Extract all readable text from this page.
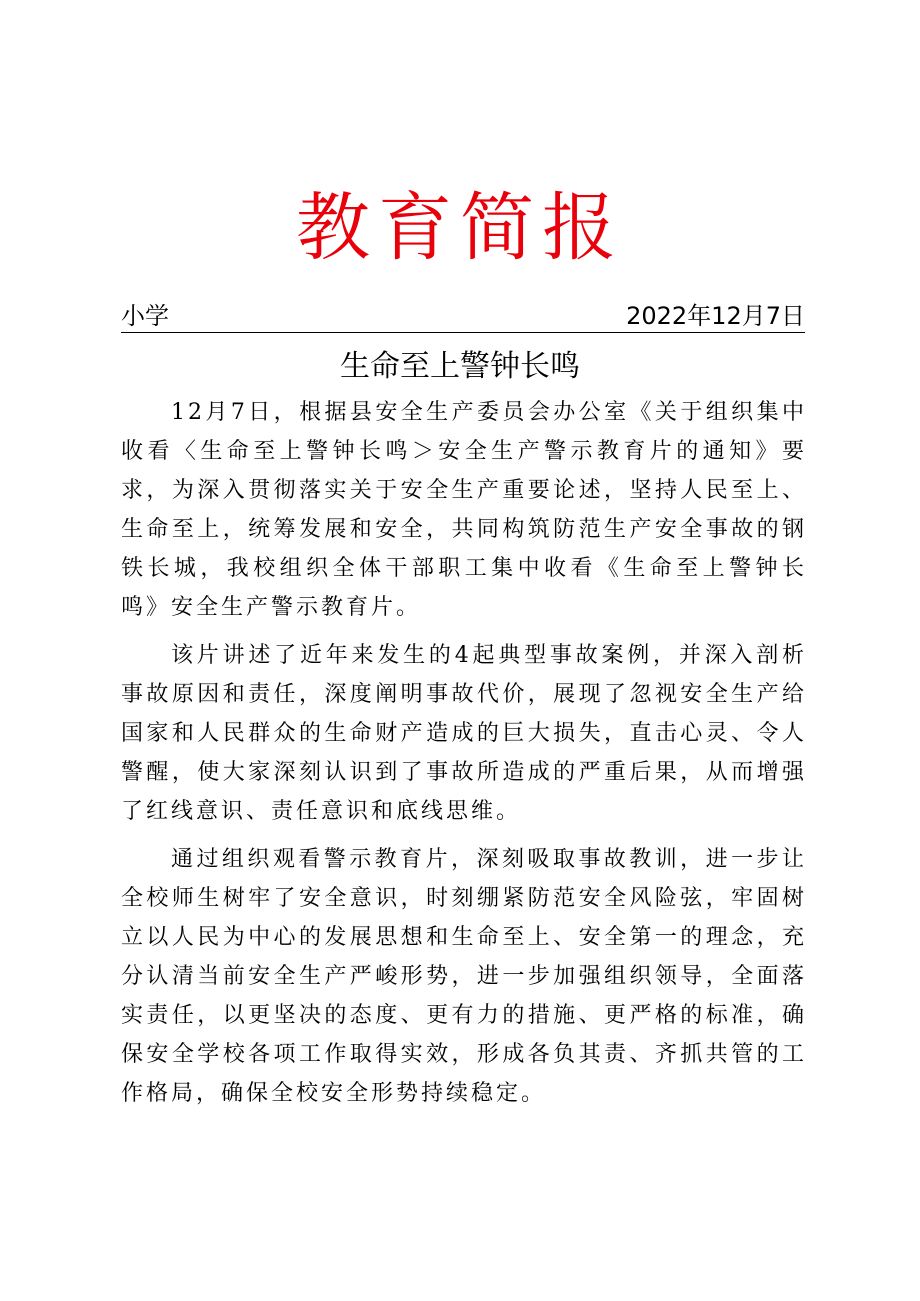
教育简报
小学	2022年12月7日
生命至上警钟长鸣

12月7日，根据县安全生产委员会办公室《关于组织集中收看〈生命至上警钟长鸣＞安全生产警示教育片的通知》要求，为深入贯彻落实关于安全生产重要论述，坚持人民至上、生命至上，统筹发展和安全，共同构筑防范生产安全事故的钢铁长城，我校组织全体干部职工集中收看《生命至上警钟长鸣》安全生产警示教育片。

该片讲述了近年来发生的4起典型事故案例，并深入剖析事故原因和责任，深度阐明事故代价，展现了忽视安全生产给国家和人民群众的生命财产造成的巨大损失，直击心灵、令人警醒，使大家深刻认识到了事故所造成的严重后果，从而增强了红线意识、责任意识和底线思维。

通过组织观看警示教育片，深刻吸取事故教训，进一步让全校师生树牢了安全意识，时刻绷紧防范安全风险弦，牢固树立以人民为中心的发展思想和生命至上、安全第一的理念，充分认清当前安全生产严峻形势，进一步加强组织领导，全面落实责任，以更坚决的态度、更有力的措施、更严格的标准，确保安全学校各项工作取得实效，形成各负其责、齐抓共管的工作格局，确保全校安全形势持续稳定。
